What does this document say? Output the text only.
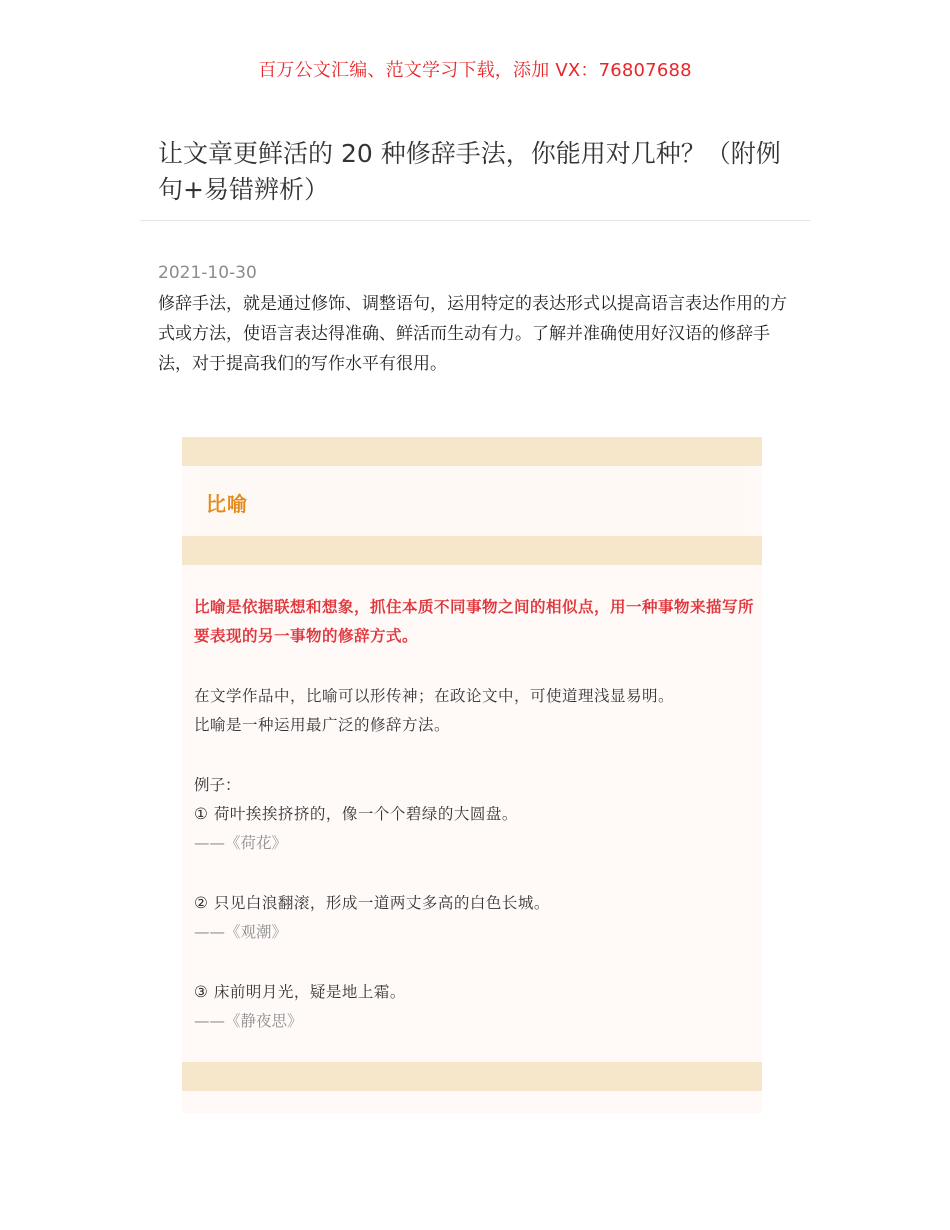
百万公文汇编、范文学习下载，添加 VX：76807688
让文章更鲜活的 20 种修辞手法，你能用对几种？（附例句+易错辨析）
2021-10-30

修辞手法，就是通过修饰、调整语句，运用特定的表达形式以提高语言表达作用的方式或方法，使语言表达得准确、鲜活而生动有力。了解并准确使用好汉语的修辞手法，对于提高我们的写作水平有很用。

比喻

比喻是依据联想和想象，抓住本质不同事物之间的相似点，用一种事物来描写所要表现的另一事物的修辞方式。

在文学作品中，比喻可以形传神；在政论文中，可使道理浅显易明。
比喻是一种运用最广泛的修辞方法。

例子：
① 荷叶挨挨挤挤的，像一个个碧绿的大圆盘。
——《荷花》
② 只见白浪翻滚，形成一道两丈多高的白色长城。
——《观潮》
③ 床前明月光，疑是地上霜。
——《静夜思》
